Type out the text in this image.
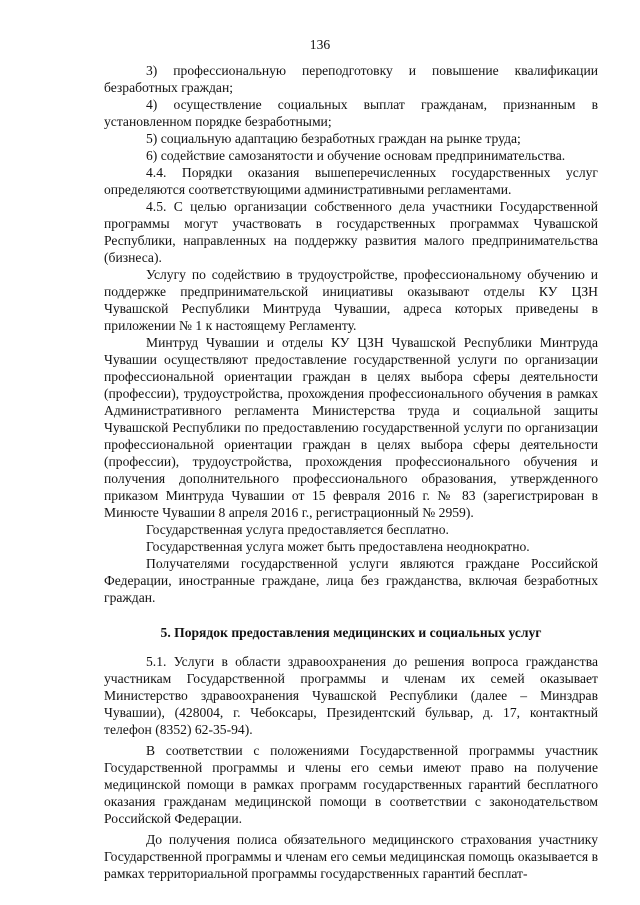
136

3) профессиональную переподготовку и повышение квалификации безработных граждан;

4) осуществление социальных выплат гражданам, признанным в установленном порядке безработными;

5) социальную адаптацию безработных граждан на рынке труда;

6) содействие самозанятости и обучение основам предпринимательства.

4.4. Порядки оказания вышеперечисленных государственных услуг определяются соответствующими административными регламентами.

4.5. С целью организации собственного дела участники Государственной программы могут участвовать в государственных программах Чувашской Республики, направленных на поддержку развития малого предпринимательства (бизнеса).

Услугу по содействию в трудоустройстве, профессиональному обучению и поддержке предпринимательской инициативы оказывают отделы КУ ЦЗН Чувашской Республики Минтруда Чувашии, адреса которых приведены в приложении № 1 к настоящему Регламенту.

Минтруд Чувашии и отделы КУ ЦЗН Чувашской Республики Минтруда Чувашии осуществляют предоставление государственной услуги по организации профессиональной ориентации граждан в целях выбора сферы деятельности (профессии), трудоустройства, прохождения профессионального обучения в рамках Административного регламента Министерства труда и социальной защиты Чувашской Республики по предоставлению государственной услуги по организации профессиональной ориентации граждан в целях выбора сферы деятельности (профессии), трудоустройства, прохождения профессионального обучения и получения дополнительного профессионального образования, утвержденного приказом Минтруда Чувашии от 15 февраля 2016 г. № 83 (зарегистрирован в Минюсте Чувашии 8 апреля 2016 г., регистрационный № 2959).

Государственная услуга предоставляется бесплатно.

Государственная услуга может быть предоставлена неоднократно.

Получателями государственной услуги являются граждане Российской Федерации, иностранные граждане, лица без гражданства, включая безработных граждан.

5. Порядок предоставления медицинских и социальных услуг

5.1. Услуги в области здравоохранения до решения вопроса гражданства участникам Государственной программы и членам их семей оказывает Министерство здравоохранения Чувашской Республики (далее – Минздрав Чувашии), (428004, г. Чебоксары, Президентский бульвар, д. 17, контактный телефон (8352) 62-35-94).

В соответствии с положениями Государственной программы участник Государственной программы и члены его семьи имеют право на получение медицинской помощи в рамках программ государственных гарантий бесплатного оказания гражданам медицинской помощи в соответствии с законодательством Российской Федерации.

До получения полиса обязательного медицинского страхования участнику Государственной программы и членам его семьи медицинская помощь оказывается в рамках территориальной программы государственных гарантий бесплат-
